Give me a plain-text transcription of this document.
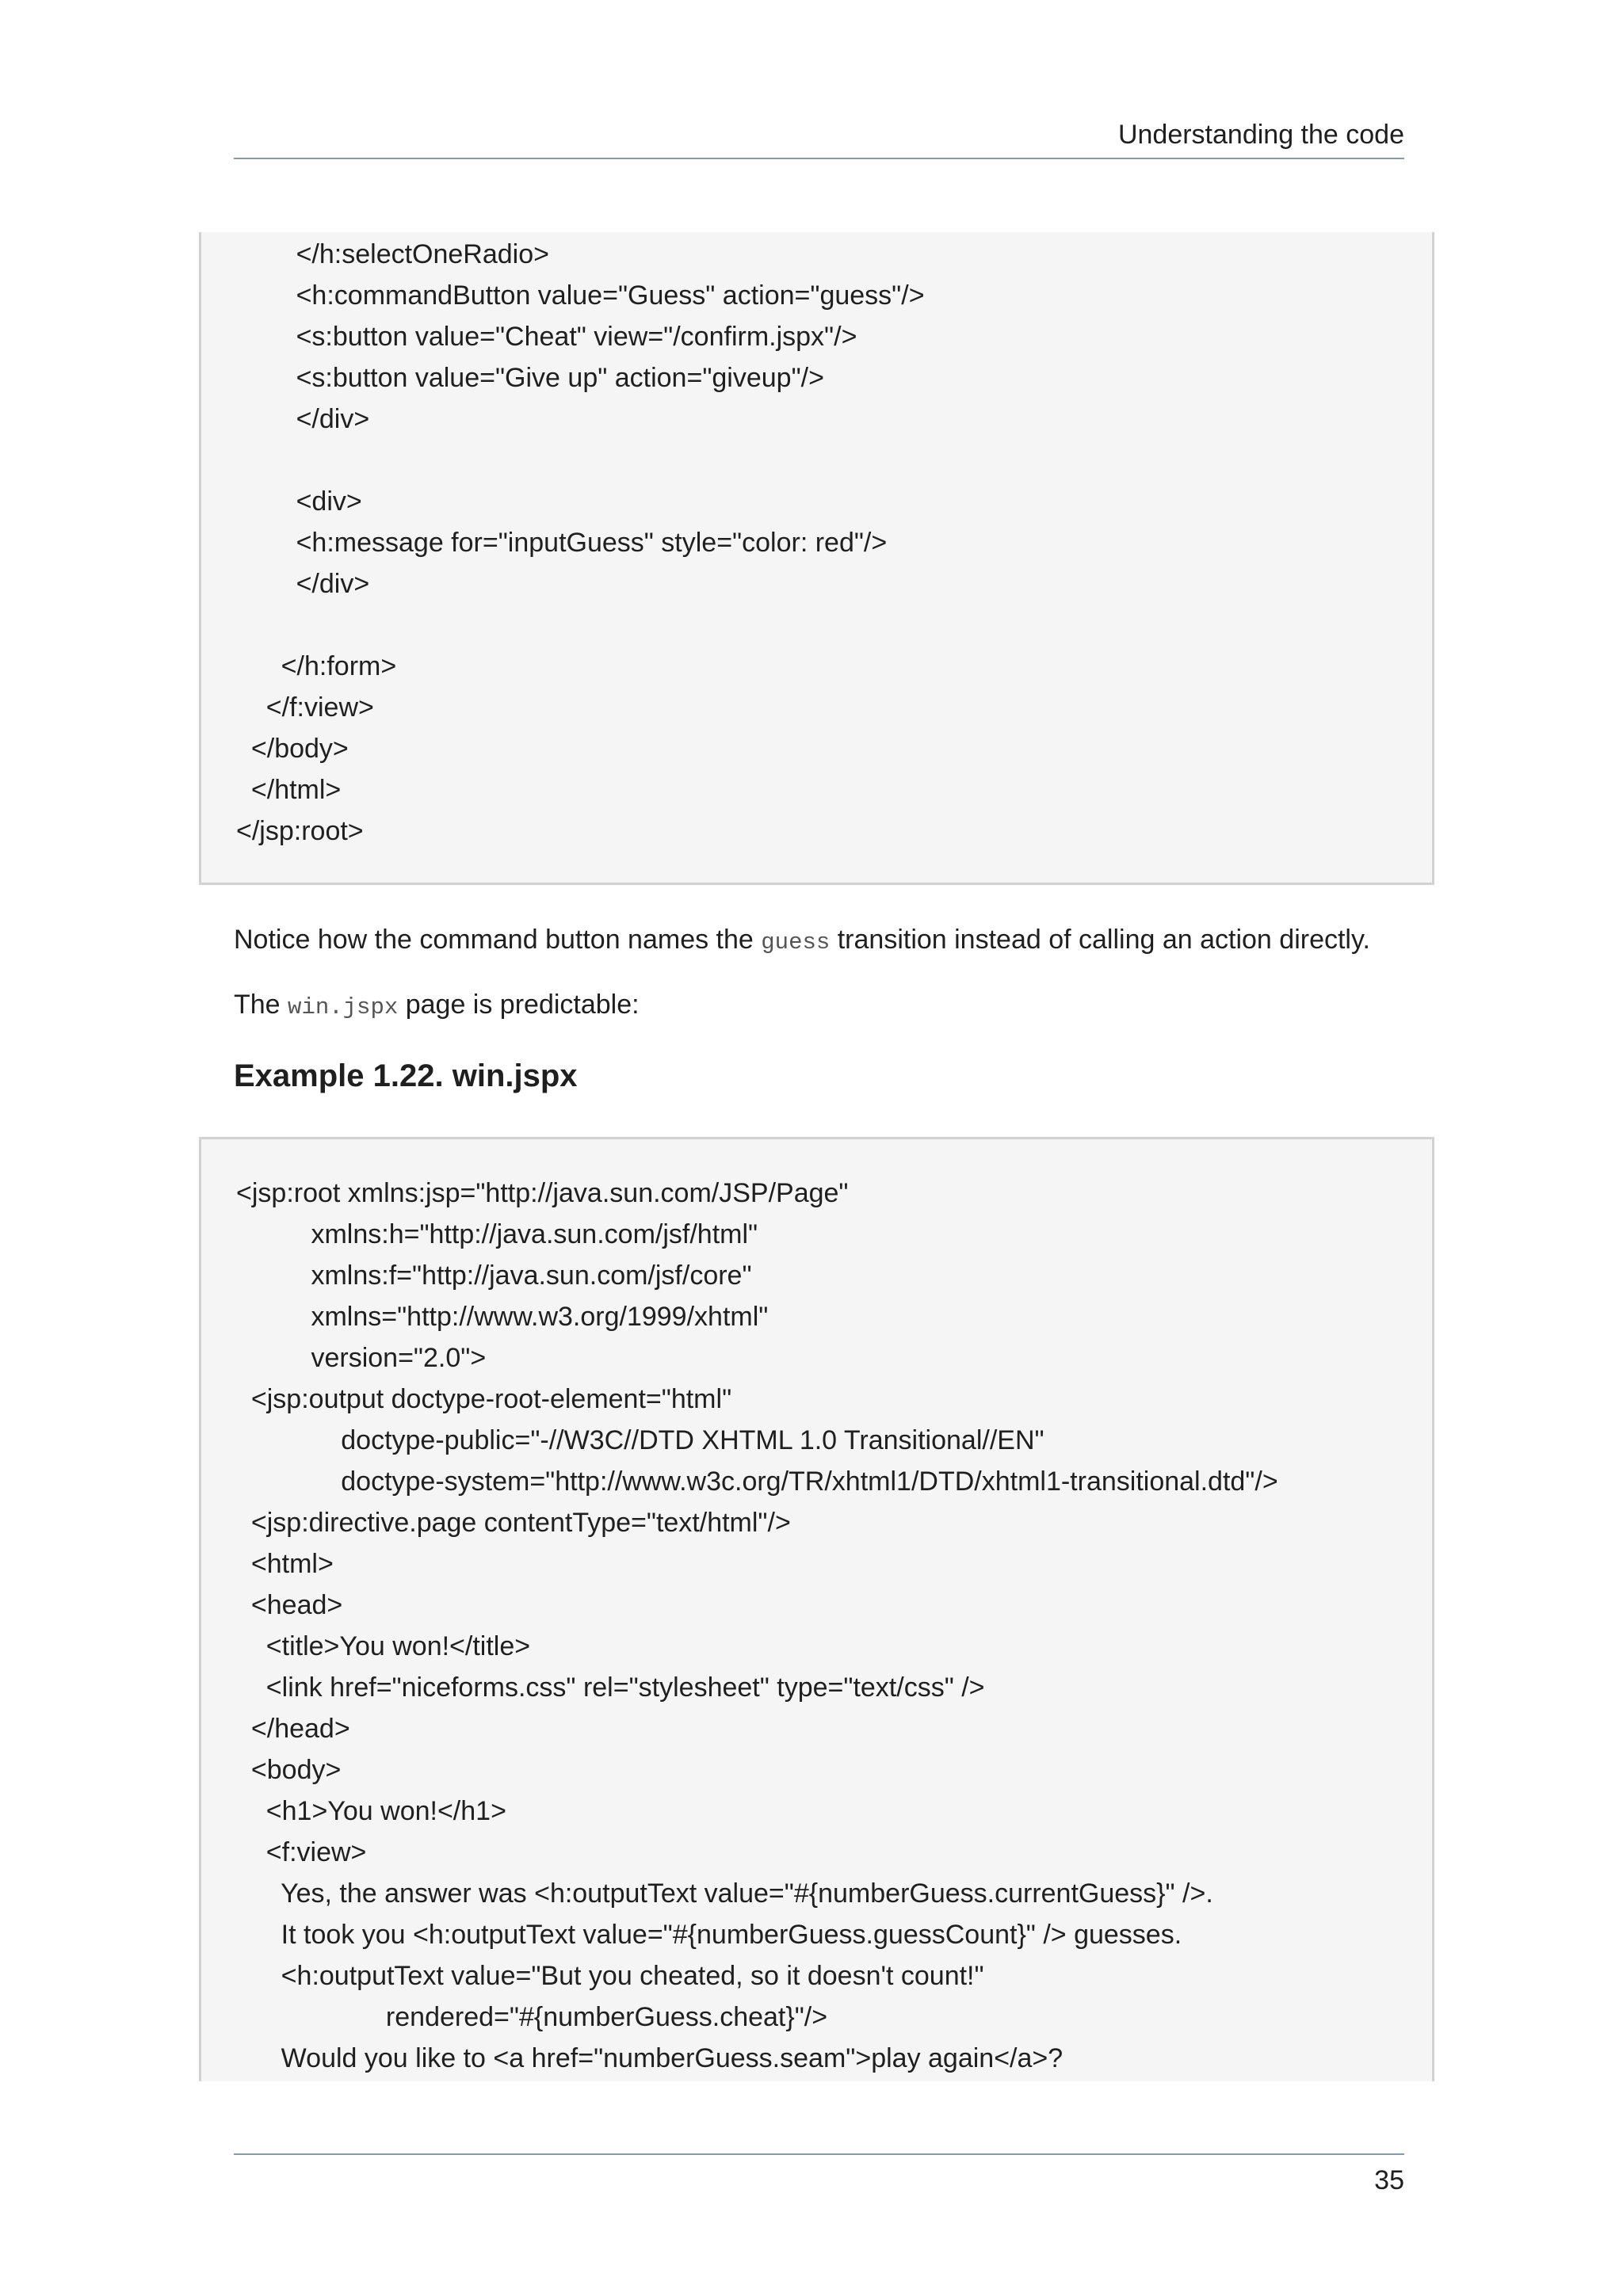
Understanding the code
</h:selectOneRadio>
<h:commandButton value="Guess" action="guess"/>
<s:button value="Cheat" view="/confirm.jspx"/>
<s:button value="Give up" action="giveup"/>
</div>
<div>
<h:message for="inputGuess" style="color: red"/>
</div>
</h:form>
</f:view>
</body>
</html>
</jsp:root>

Notice how the command button names the guess transition instead of calling an action directly.

The win.jspx page is predictable:

Example 1.22. win.jspx
<jsp:root xmlns:jsp="http://java.sun.com/JSP/Page"
xmlns:h="http://java.sun.com/jsf/html"
xmlns:f="http://java.sun.com/jsf/core"
xmlns="http://www.w3.org/1999/xhtml"
version="2.0">
<jsp:output doctype-root-element="html"
doctype-public="-//W3C//DTD XHTML 1.0 Transitional//EN"
doctype-system="http://www.w3c.org/TR/xhtml1/DTD/xhtml1-transitional.dtd"/>
<jsp:directive.page contentType="text/html"/>
<html>
<head>
<title>You won!</title>
<link href="niceforms.css" rel="stylesheet" type="text/css" />
</head>
<body>
<h1>You won!</h1>
<f:view>
Yes, the answer was <h:outputText value="#{numberGuess.currentGuess}" />.
It took you <h:outputText value="#{numberGuess.guessCount}" /> guesses.
<h:outputText value="But you cheated, so it doesn't count!"
rendered="#{numberGuess.cheat}"/>
Would you like to <a href="numberGuess.seam">play again</a>?
35
